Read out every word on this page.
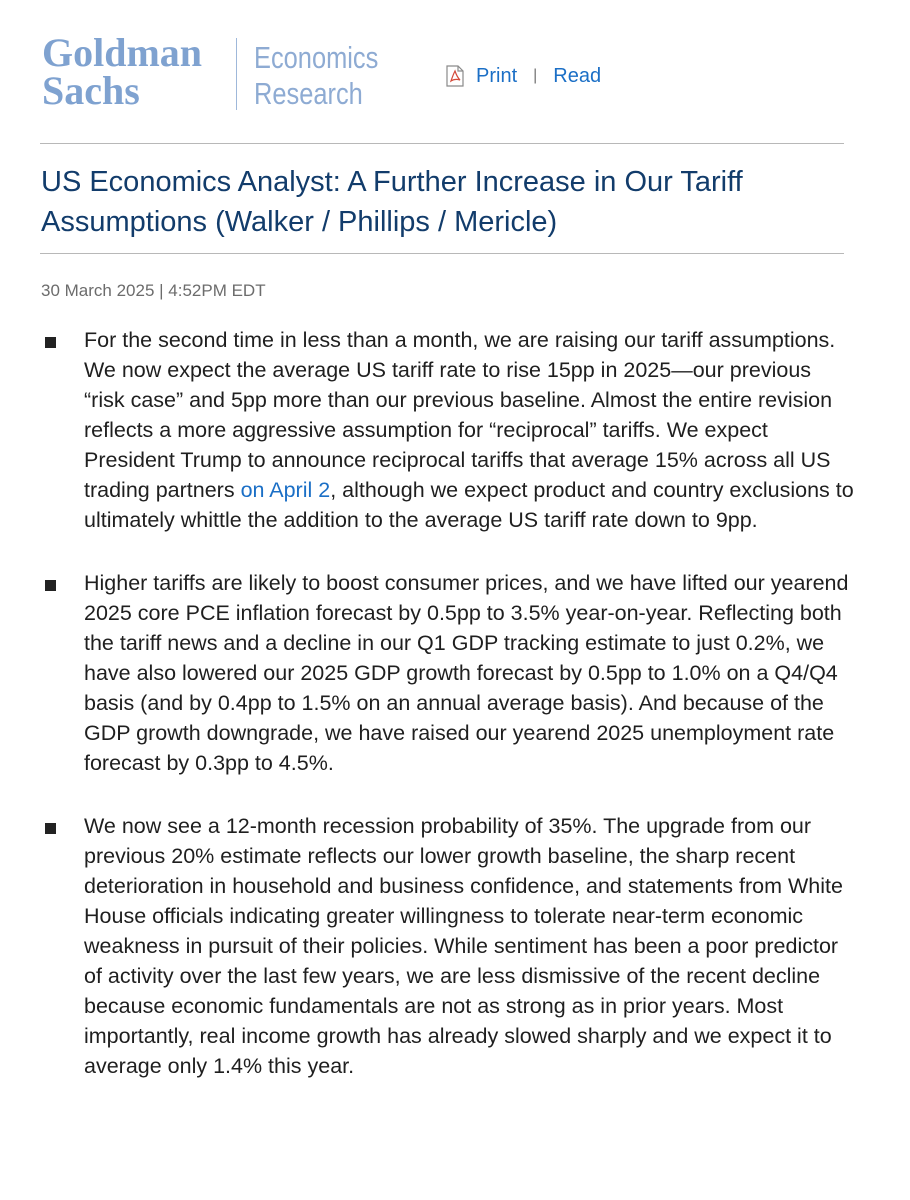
Goldman
Sachs
Economics
Research
Print | Read
US Economics Analyst: A Further Increase in Our Tariff Assumptions (Walker / Phillips / Mericle)
30 March 2025 | 4:52PM EDT
For the second time in less than a month, we are raising our tariff assumptions. We now expect the average US tariff rate to rise 15pp in 2025—our previous “risk case” and 5pp more than our previous baseline. Almost the entire revision reflects a more aggressive assumption for “reciprocal” tariffs. We expect President Trump to announce reciprocal tariffs that average 15% across all US trading partners on April 2, although we expect product and country exclusions to ultimately whittle the addition to the average US tariff rate down to 9pp.
Higher tariffs are likely to boost consumer prices, and we have lifted our yearend 2025 core PCE inflation forecast by 0.5pp to 3.5% year-on-year. Reflecting both the tariff news and a decline in our Q1 GDP tracking estimate to just 0.2%, we have also lowered our 2025 GDP growth forecast by 0.5pp to 1.0% on a Q4/Q4 basis (and by 0.4pp to 1.5% on an annual average basis). And because of the GDP growth downgrade, we have raised our yearend 2025 unemployment rate forecast by 0.3pp to 4.5%.
We now see a 12-month recession probability of 35%. The upgrade from our previous 20% estimate reflects our lower growth baseline, the sharp recent deterioration in household and business confidence, and statements from White House officials indicating greater willingness to tolerate near-term economic weakness in pursuit of their policies. While sentiment has been a poor predictor of activity over the last few years, we are less dismissive of the recent decline because economic fundamentals are not as strong as in prior years. Most importantly, real income growth has already slowed sharply and we expect it to average only 1.4% this year.
